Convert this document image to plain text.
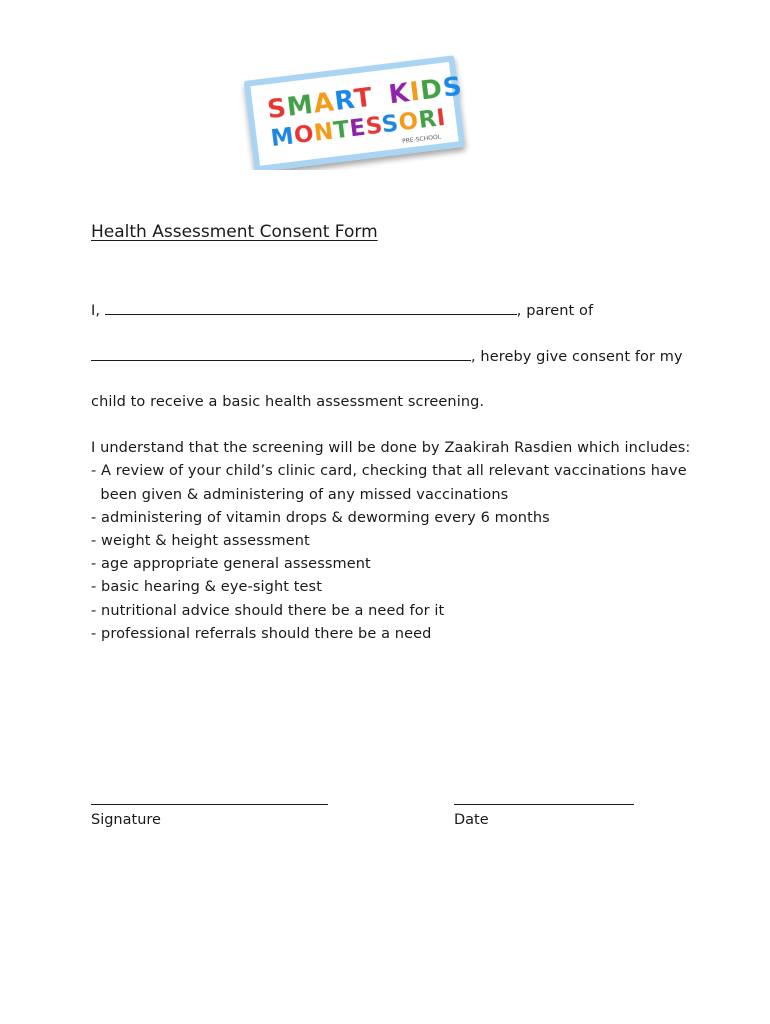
SMART KIDS
MONTESSORI
PRE-SCHOOL
Health Assessment Consent Form
I,	, parent of
, hereby give consent for my
child to receive a basic health assessment screening.
I understand that the screening will be done by Zaakirah Rasdien which includes:
- A review of your child’s clinic card, checking that all relevant vaccinations have
been given & administering of any missed vaccinations
- administering of vitamin drops & deworming every 6 months
- weight & height assessment
- age appropriate general assessment
- basic hearing & eye-sight test
- nutritional advice should there be a need for it
- professional referrals should there be a need
Signature	Date
